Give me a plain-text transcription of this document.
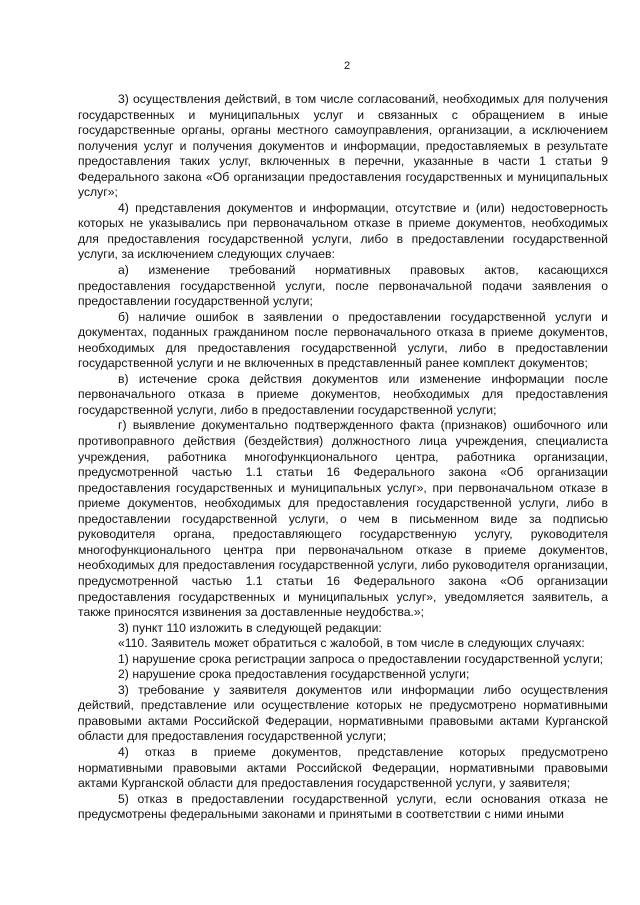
2

3) осуществления действий, в том числе согласований, необходимых для получения государственных и муниципальных услуг и связанных с обращением в иные государственные органы, органы местного самоуправления, организации, а исключением получения услуг и получения документов и информации, предоставляемых в результате предоставления таких услуг, включенных в перечни, указанные в части 1 статьи 9 Федерального закона «Об организации предоставления государственных и муниципальных услуг»;

4) представления документов и информации, отсутствие и (или) недостоверность которых не указывались при первоначальном отказе в приеме документов, необходимых для предоставления государственной услуги, либо в предоставлении государственной услуги, за исключением следующих случаев:

а) изменение требований нормативных правовых актов, касающихся предоставления государственной услуги, после первоначальной подачи заявления о предоставлении государственной услуги;

б) наличие ошибок в заявлении о предоставлении государственной услуги и документах, поданных гражданином после первоначального отказа в приеме документов, необходимых для предоставления государственной услуги, либо в предоставлении государственной услуги и не включенных в представленный ранее комплект документов;

в) истечение срока действия документов или изменение информации после первоначального отказа в приеме документов, необходимых для предоставления государственной услуги, либо в предоставлении государственной услуги;

г) выявление документально подтвержденного факта (признаков) ошибочного или противоправного действия (бездействия) должностного лица учреждения, специалиста учреждения, работника многофункционального центра, работника организации, предусмотренной частью 1.1 статьи 16 Федерального закона «Об организации предоставления государственных и муниципальных услуг», при первоначальном отказе в приеме документов, необходимых для предоставления государственной услуги, либо в предоставлении государственной услуги, о чем в письменном виде за подписью руководителя органа, предоставляющего государственную услугу, руководителя многофункционального центра при первоначальном отказе в приеме документов, необходимых для предоставления государственной услуги, либо руководителя организации, предусмотренной частью 1.1 статьи 16 Федерального закона «Об организации предоставления государственных и муниципальных услуг», уведомляется заявитель, а также приносятся извинения за доставленные неудобства.»;

3) пункт 110 изложить в следующей редакции:

«110. Заявитель может обратиться с жалобой, в том числе в следующих случаях:

1) нарушение срока регистрации запроса о предоставлении государственной услуги;

2) нарушение срока предоставления государственной услуги;

3) требование у заявителя документов или информации либо осуществления действий, представление или осуществление которых не предусмотрено нормативными правовыми актами Российской Федерации, нормативными правовыми актами Курганской области для предоставления государственной услуги;

4) отказ в приеме документов, представление которых предусмотрено нормативными правовыми актами Российской Федерации, нормативными правовыми актами Курганской области для предоставления государственной услуги, у заявителя;

5) отказ в предоставлении государственной услуги, если основания отказа не предусмотрены федеральными законами и принятыми в соответствии с ними иными
